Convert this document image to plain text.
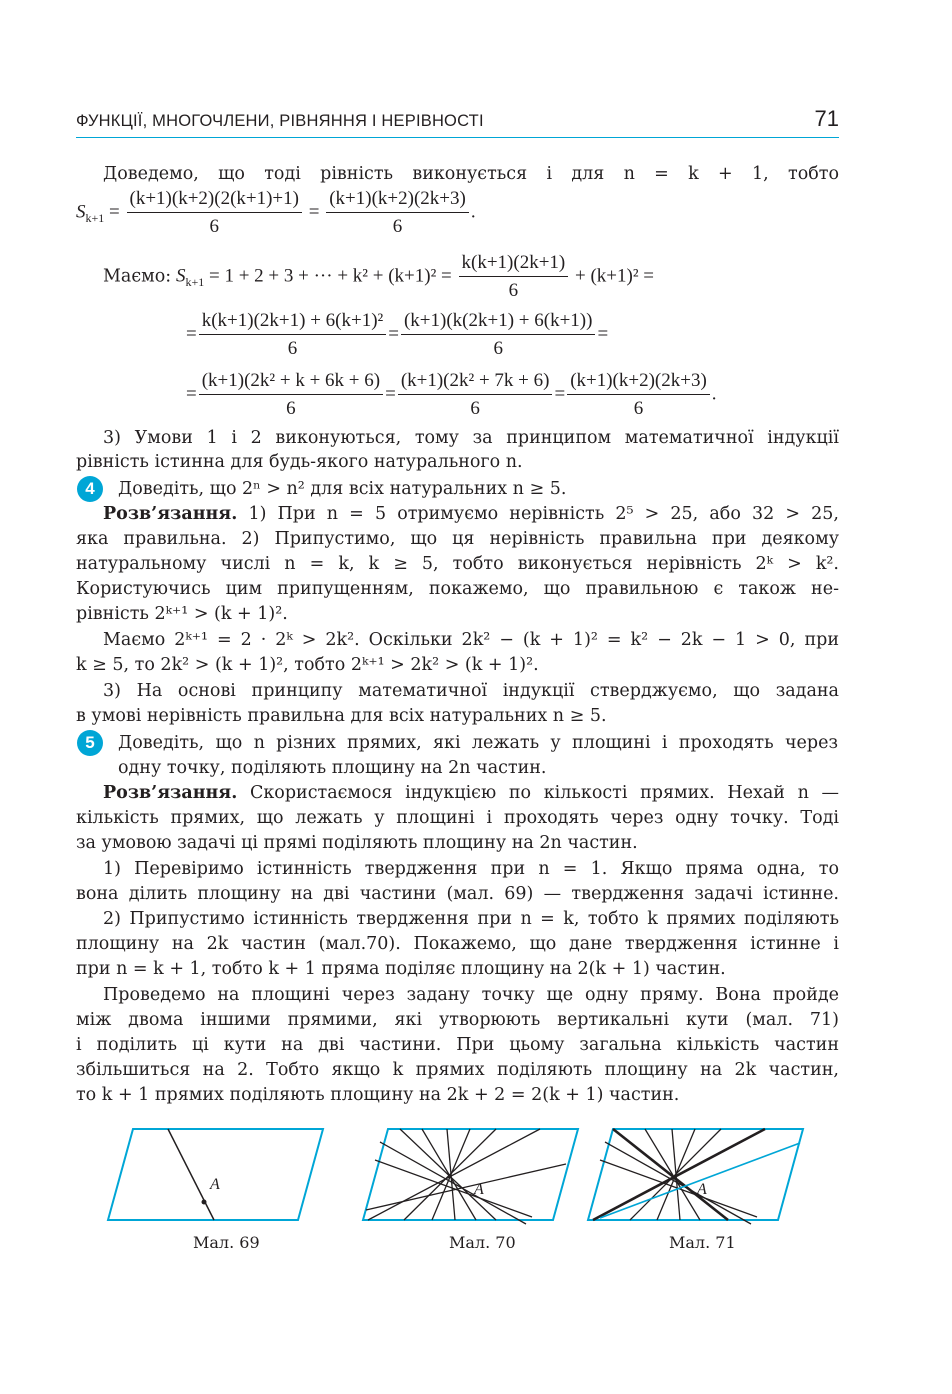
ФУНКЦІЇ, МНОГОЧЛЕНИ, РІВНЯННЯ І НЕРІВНОСТІ	71
Доведемо, що тоді рівність виконується і для n = k + 1, тобто
$S_{k+1} = \frac{(k+1)(k+2)(2(k+1)+1)}{6} = \frac{(k+1)(k+2)(2k+3)}{6}$ .
Маємо: $S_{k+1} = 1 + 2 + 3$ + ··· + $k^2 + (k+1)^2 = \frac{k(k+1)(2k+1)}{6} + (k+1)^2$ =
= $\frac{\text{k(k+1)(2k+1) + 6(k+1)²}}{6} = \frac{(k+1)(k(2k+1) + 6(k+1))}{6}$ =
= $\frac{\text{(k+1)(2k² + k + 6k + 6)}}{6} = \frac{\text{(k+1)(2k² + 7k + 6)}}{6} = \frac{(k+1)(k+2)(2k+3)}{6}$ .
3) Умови 1 і 2 виконуються, тому за принципом математичної індукції
рівність істинна для будь-якого натурального n.
4	Доведіть, що 2ⁿ > n² для всіх натуральних n ≥ 5.
Розв’язання. 1) При n = 5 отримуємо нерівність 2⁵ > 25, або 32 > 25,
яка правильна. 2) Припустимо, що ця нерівність правильна при деякому
натуральному числі n = k, k ≥ 5, тобто виконується нерівність 2ᵏ > k².
Користуючись цим припущенням, покажемо, що правильною є також не-
рівність 2ᵏ⁺¹ > (k + 1)².
Маємо 2ᵏ⁺¹ = 2 · 2ᵏ > 2k². Оскільки 2k² − (k + 1)² = k² − 2k − 1 > 0, при
k ≥ 5, то 2k² > (k + 1)², тобто 2ᵏ⁺¹ > 2k² > (k + 1)².
3) На основі принципу математичної індукції стверджуємо, що задана
в умові нерівність правильна для всіх натуральних n ≥ 5.
5	Доведіть, що n різних прямих, які лежать у площині і проходять через
одну точку, поділяють площину на 2n частин.
Розв’язання. Скористаємося індукцією по кількості прямих. Нехай n —
кількість прямих, що лежать у площині і проходять через одну точку. Тоді
за умовою задачі ці прямі поділяють площину на 2n частин.
1) Перевіримо істинність твердження при n = 1. Якщо пряма одна, то
вона ділить площину на дві частини (мал. 69) — твердження задачі істинне.
2) Припустимо істинність твердження при n = k, тобто k прямих поділяють
площину на 2k частин (мал.70). Покажемо, що дане твердження істинне і
при n = k + 1, тобто k + 1 пряма поділяє площину на 2(k + 1) частин.
Проведемо на площині через задану точку ще одну пряму. Вона пройде
між двома іншими прямими, які утворюють вертикальні кути (мал. 71)
і поділить ці кути на дві частини. При цьому загальна кількість частин
збільшиться на 2. Тобто якщо k прямих поділяють площину на 2k частин,
то k + 1 прямих поділяють площину на 2k + 2 = 2(k + 1) частин.
A	A	A
Мал. 69	Мал. 70	Мал. 71
